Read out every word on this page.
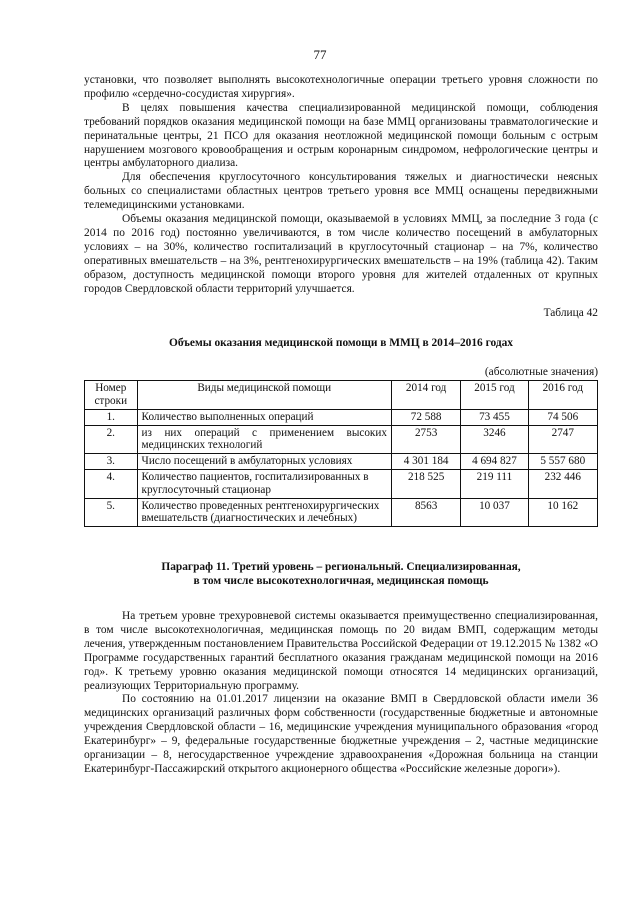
77

установки, что позволяет выполнять высокотехнологичные операции третьего уровня сложности по профилю «сердечно-сосудистая хирургия».

В целях повышения качества специализированной медицинской помощи, соблюдения требований порядков оказания медицинской помощи на базе ММЦ организованы травматологические и перинатальные центры, 21 ПСО для оказания неотложной медицинской помощи больным с острым нарушением мозгового кровообращения и острым коронарным синдромом, нефрологические центры и центры амбулаторного диализа.

Для обеспечения круглосуточного консультирования тяжелых и диагностически неясных больных со специалистами областных центров третьего уровня все ММЦ оснащены передвижными телемедицинскими установками.

Объемы оказания медицинской помощи, оказываемой в условиях ММЦ, за последние 3 года (с 2014 по 2016 год) постоянно увеличиваются, в том числе количество посещений в амбулаторных условиях – на 30%, количество госпитализаций в круглосуточный стационар – на 7%, количество оперативных вмешательств – на 3%, рентгенохирургических вмешательств – на 19% (таблица 42). Таким образом, доступность медицинской помощи второго уровня для жителей отдаленных от крупных городов Свердловской области территорий улучшается.

Таблица 42
Объемы оказания медицинской помощи в ММЦ в 2014–2016 годах
(абсолютные значения)
Номер строки	Виды медицинской помощи	2014 год	2015 год	2016 год
1.	Количество выполненных операций	72 588	73 455	74 506
2.	из них операций с применением высоких медицинских технологий	2753	3246	2747
3.	Число посещений в амбулаторных условиях	4 301 184	4 694 827	5 557 680
4.	Количество пациентов, госпитализированных в круглосуточный стационар	218 525	219 111	232 446
5.	Количество проведенных рентгенохирургических вмешательств (диагностических и лечебных)	8563	10 037	10 162
Параграф 11. Третий уровень – региональный. Специализированная,
в том числе высокотехнологичная, медицинская помощь

На третьем уровне трехуровневой системы оказывается преимущественно специализированная, в том числе высокотехнологичная, медицинская помощь по 20 видам ВМП, содержащим методы лечения, утвержденным постановлением Правительства Российской Федерации от 19.12.2015 № 1382 «О Программе государственных гарантий бесплатного оказания гражданам медицинской помощи на 2016 год». К третьему уровню оказания медицинской помощи относятся 14 медицинских организаций, реализующих Территориальную программу.

По состоянию на 01.01.2017 лицензии на оказание ВМП в Свердловской области имели 36 медицинских организаций различных форм собственности (государственные бюджетные и автономные учреждения Свердловской области – 16, медицинские учреждения муниципального образования «город Екатеринбург» – 9, федеральные государственные бюджетные учреждения – 2, частные медицинские организации – 8, негосударственное учреждение здравоохранения «Дорожная больница на станции Екатеринбург-Пассажирский открытого акционерного общества «Российские железные дороги»).
